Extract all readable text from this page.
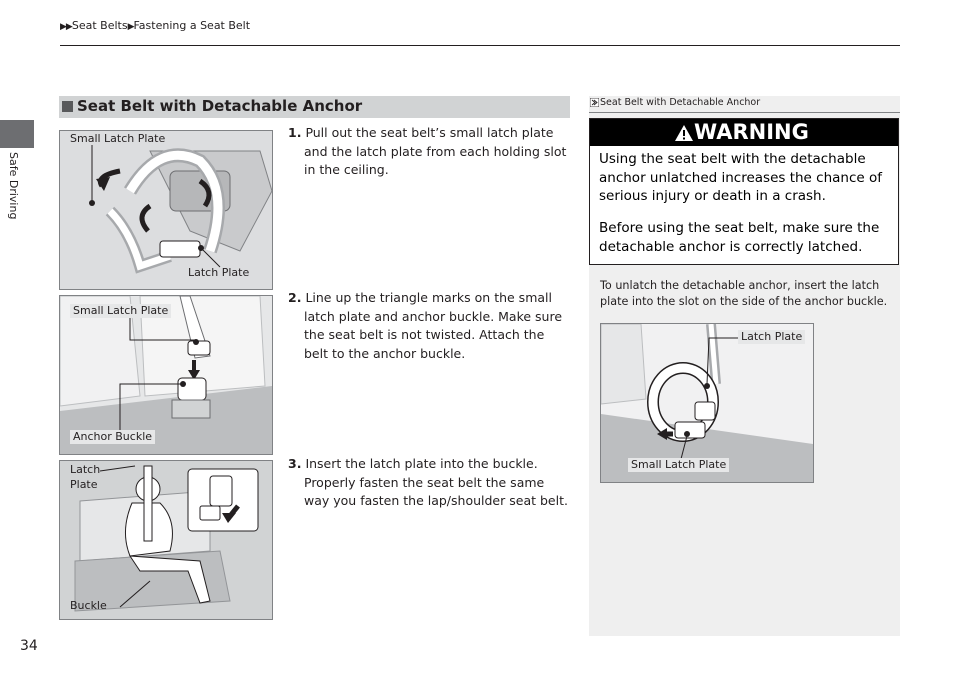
▶▶Seat Belts▶Fastening a Seat Belt
Safe Driving
34
Seat Belt with Detachable Anchor
Small Latch Plate
Latch Plate
Small Latch Plate
Anchor Buckle
Latch
Plate
Buckle

1. Pull out the seat belt’s small latch plate and the latch plate from each holding slot in the ceiling.

2. Line up the triangle marks on the small latch plate and anchor buckle. Make sure the seat belt is not twisted. Attach the belt to the anchor buckle.

3. Insert the latch plate into the buckle. Properly fasten the seat belt the same way you fasten the lap/shoulder seat belt.

Seat Belt with Detachable Anchor
WARNING
Using the seat belt with the detachable anchor unlatched increases the chance of serious injury or death in a crash.
Before using the seat belt, make sure the detachable anchor is correctly latched.
To unlatch the detachable anchor, insert the latch plate into the slot on the side of the anchor buckle.
Latch Plate
Small Latch Plate
